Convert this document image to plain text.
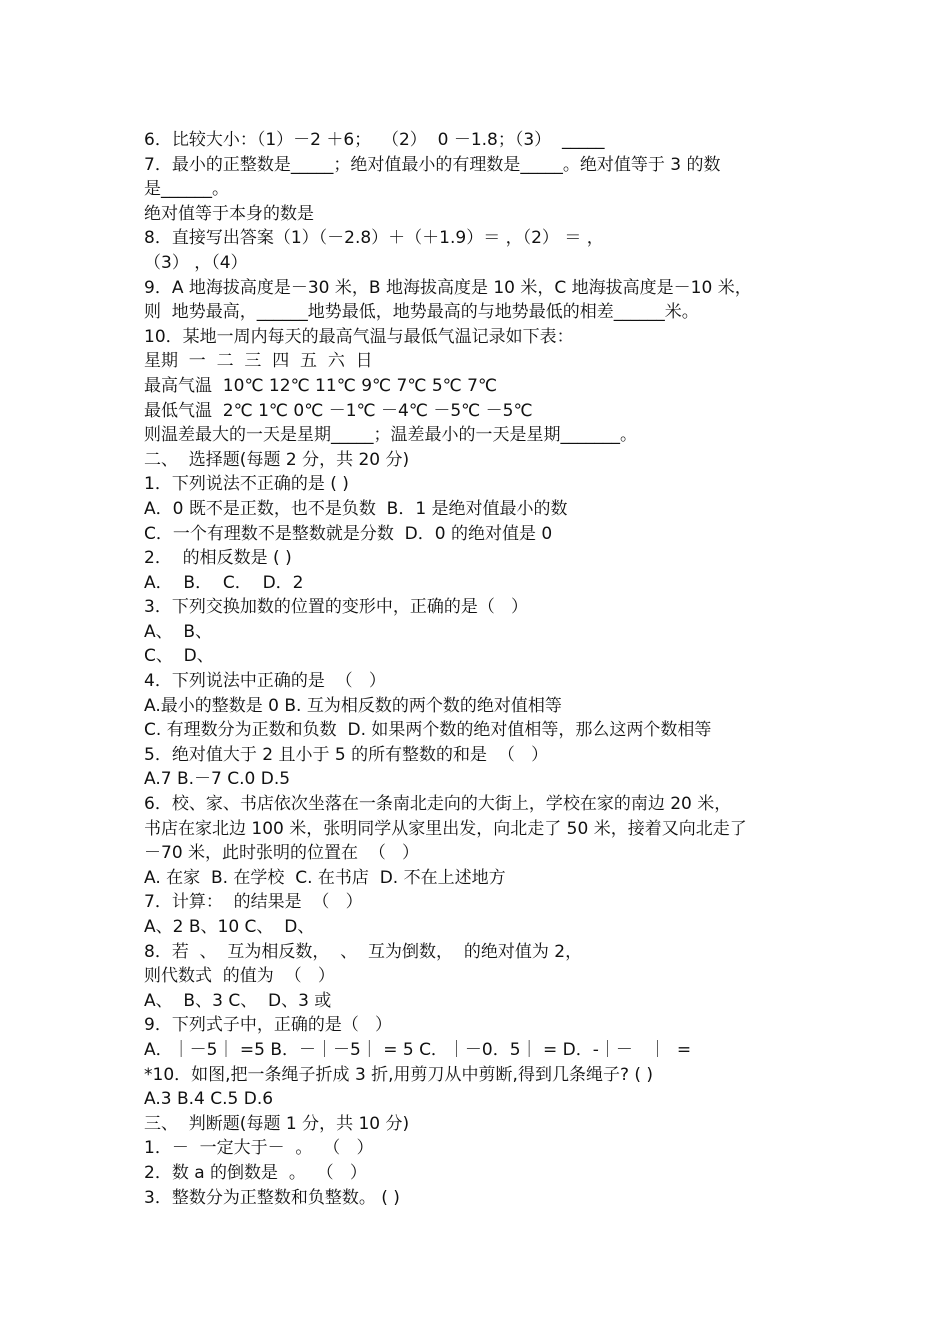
6．比较大小：（1）－2 ＋6；  （2）  0 －1.8；（3）  _____
7．最小的正整数是_____；绝对值最小的有理数是_____。绝对值等于 3 的数
是______。
绝对值等于本身的数是
8．直接写出答案（1）（－2.8）＋（＋1.9）＝ ，（2） ＝ ，
（3） ，（4）
9．A 地海拔高度是－30 米，B 地海拔高度是 10 米，C 地海拔高度是－10 米，
则  地势最高，______地势最低，地势最高的与地势最低的相差______米。
10．某地一周内每天的最高气温与最低气温记录如下表：
星期  一  二  三  四  五  六  日
最高气温  10℃ 12℃ 11℃ 9℃ 7℃ 5℃ 7℃
最低气温  2℃ 1℃ 0℃ －1℃ －4℃ －5℃ －5℃
则温差最大的一天是星期_____；温差最小的一天是星期_______。
二、  选择题(每题 2 分，共 20 分)
1．下列说法不正确的是 ( )
A．0 既不是正数，也不是负数  B．1 是绝对值最小的数
C．一个有理数不是整数就是分数  D．0 的绝对值是 0
2．  的相反数是 ( )
A．  B．  C．  D．2
3．下列交换加数的位置的变形中，正确的是（   ）
A、  B、
C、  D、
4．下列说法中正确的是  （   ）
A.最小的整数是 0 B. 互为相反数的两个数的绝对值相等
C. 有理数分为正数和负数  D. 如果两个数的绝对值相等，那么这两个数相等
5．绝对值大于 2 且小于 5 的所有整数的和是  （   ）
A.7 B.－7 C.0 D.5
6．校、家、书店依次坐落在一条南北走向的大街上，学校在家的南边 20 米，
书店在家北边 100 米，张明同学从家里出发，向北走了 50 米，接着又向北走了
－70 米，此时张明的位置在  （   ）
A. 在家  B. 在学校  C. 在书店  D. 不在上述地方
7．计算：  的结果是  （   ）
A、2 B、10 C、  D、
8．若  、  互为相反数，  、  互为倒数，  的绝对值为 2，
则代数式  的值为  （   ）
A、  B、3 C、  D、3 或
9．下列式子中，正确的是（   ）
A．｜－5｜ =5 B．－｜－5｜ = 5 C．｜－0．5｜ = D．-｜－   ｜  =
*10．如图,把一条绳子折成 3 折,用剪刀从中剪断,得到几条绳子? ( )
A.3 B.4 C.5 D.6
三、  判断题(每题 1 分，共 10 分)
1．－  一定大于－  。  （   ）
2．数 a 的倒数是  。  （   ）
3．整数分为正整数和负整数。 ( )
